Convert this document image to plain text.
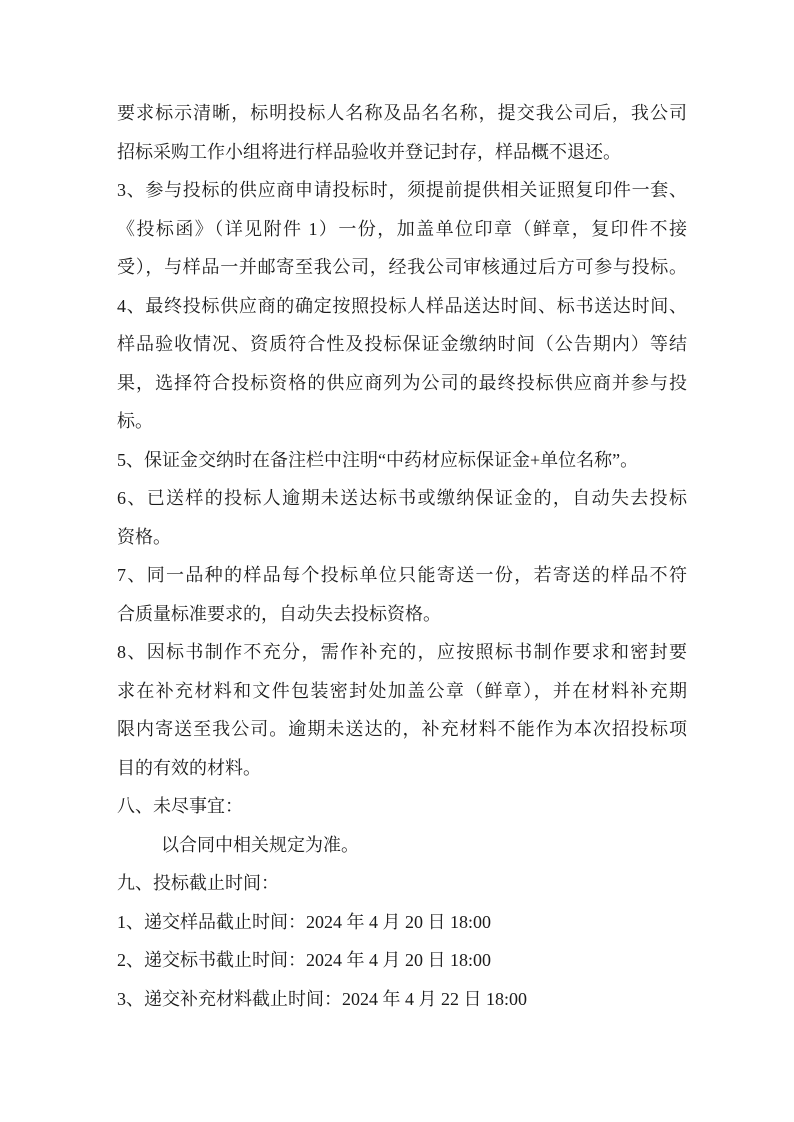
要求标示清晰，标明投标人名称及品名名称，提交我公司后，我公司
招标采购工作小组将进行样品验收并登记封存，样品概不退还。
3、参与投标的供应商申请投标时，须提前提供相关证照复印件一套、
《投标函》（详见附件 1）一份，加盖单位印章（鲜章，复印件不接
受），与样品一并邮寄至我公司，经我公司审核通过后方可参与投标。
4、最终投标供应商的确定按照投标人样品送达时间、标书送达时间、
样品验收情况、资质符合性及投标保证金缴纳时间（公告期内）等结
果，选择符合投标资格的供应商列为公司的最终投标供应商并参与投
标。
5、保证金交纳时在备注栏中注明“中药材应标保证金+单位名称”。
6、已送样的投标人逾期未送达标书或缴纳保证金的，自动失去投标
资格。
7、同一品种的样品每个投标单位只能寄送一份，若寄送的样品不符
合质量标准要求的，自动失去投标资格。
8、因标书制作不充分，需作补充的，应按照标书制作要求和密封要
求在补充材料和文件包装密封处加盖公章（鲜章），并在材料补充期
限内寄送至我公司。逾期未送达的，补充材料不能作为本次招投标项
目的有效的材料。
八、未尽事宜：
以合同中相关规定为准。
九、投标截止时间：
1、递交样品截止时间：2024 年 4 月 20 日 18:00
2、递交标书截止时间：2024 年 4 月 20 日 18:00
3、递交补充材料截止时间：2024 年 4 月 22 日 18:00
